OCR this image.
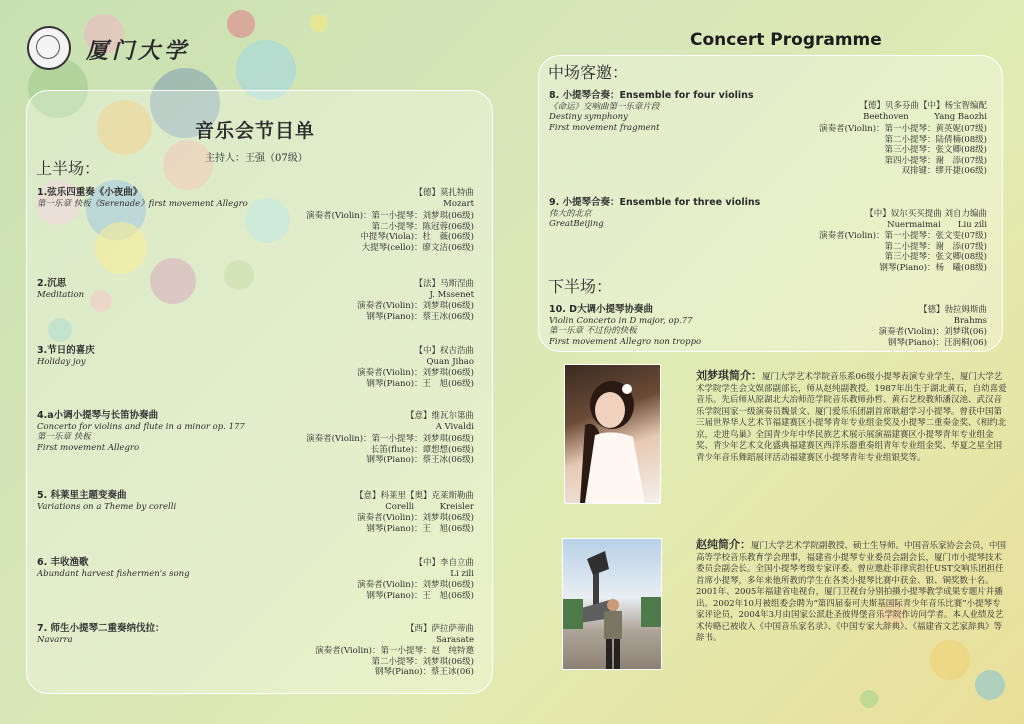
厦门大学	Concert Programme
音乐会节目单
主持人：王强（07级）
上半场：
1.弦乐四重奏《小夜曲》
第一乐章 快板《Serenade》first movement Allegro
【德】莫扎特曲
Mozart
演奏者(Violin)：第一小提琴：刘梦琪(06级)
第二小提琴：陈冠蓉(06级)
中提琴(Viola)：杜　薇(06级)
大提琴(cello)：廖文洁(06级)
2.沉思
Meditation
【法】马斯涅曲
J. Mssenet
演奏者(Violin)：刘梦琪(06级)
钢琴(Piano)：蔡王冰(06级)
3.节日的喜庆
Holiday joy
【中】权吉浩曲
Quan Jihao
演奏者(Violin)：刘梦琪(06级)
钢琴(Piano)：王　旭(06级)
4.a小调小提琴与长笛协奏曲
Concerto for violins and flute in a minor op. 177
第一乐章 快板
First movement Allegro
【意】维瓦尔第曲
A Vivaldi
演奏者(Violin)：第一小提琴：刘梦琪(06级)
长笛(flute)：谭想想(06级)
钢琴(Piano)：蔡王冰(06级)
5. 科莱里主题变奏曲
Variations on a Theme by corelli
【意】科莱里【奥】克莱斯勒曲
Corelli　　　Kreisler
演奏者(Violin)：刘梦琪(06级)
钢琴(Piano)：王　旭(06级)
6. 丰收渔歌
Abundant harvest fishermen's song
【中】李自立曲
Li zili
演奏者(Violin)：刘梦琪(06级)
钢琴(Piano)：王　旭(06级)
7. 师生小提琴二重奏纳伐拉：
Navarra
【西】萨拉萨蒂曲
Sarasate
演奏者(Violin)：第一小提琴：赵　纯特邀
第二小提琴：刘梦琪(06级)
钢琴(Piano)：蔡王冰(06)
中场客邀：
8. 小提琴合奏：Ensemble for four violins
《命运》交响曲第一乐章片段
Destiny symphony
First movement fragment
【德】贝多芬曲【中】杨宝智编配
Beethoven　　　Yang Baozhi
演奏者(Violin)：第一小提琴：黄英妮(07级)
第二小提琴：陆倩楠(08级)
第三小提琴：张文卿(08级)
第四小提琴：谢　添(07级)
双排键：缪开捷(06级)
9. 小提琴合奏：Ensemble for three violins
伟大的北京
GreatBeijing
【中】奴尔买买提曲 刘自力编曲
Nuermaimai　　Liu zili
演奏者(Violin)：第一小提琴：张文雯(07级)
第二小提琴：谢　添(07级)
第三小提琴：张文卿(08级)
钢琴(Piano)：杨　曦(08级)
下半场：
10. D大调小提琴协奏曲
Violin Concerto in D major, op.77
第一乐章 不过份的快板
First movement Allegro non troppo
【德】勃拉姆斯曲
Brahms
演奏者(Violin)：刘梦琪(06)
钢琴(Piano)：汪润桐(06)
刘梦琪简介：厦门大学艺术学院音乐系06级小提琴表演专业学生，厦门大学艺术学院学生会文娱部副部长，师从赵纯副教授。1987年出生于湖北黄石，自幼喜爱音乐。先后师从原湖北大冶师范学院音乐教师孙哲、黄石艺校教师潘汉池、武汉音乐学院国家一级演奏员魏景文、厦门爱乐乐团副首席耿超学习小提琴。曾获中国第三届世界华人艺术节福建赛区小提琴青年专业组金奖及小提琴二重奏金奖、《相约北京，走进鸟巢》全国青少年中华民族艺术展示展演福建赛区小提琴青年专业组金奖、青少年艺术文化盛典福建赛区西洋乐器重奏组青年专业组金奖、华夏之星全国青少年音乐舞蹈展评活动福建赛区小提琴青年专业组银奖等。
赵纯简介：厦门大学艺术学院副教授、硕士生导师。中国音乐家协会会员，中国高等学校音乐教育学会理事，福建省小提琴专业委员会副会长，厦门市小提琴技术委员会副会长。全国小提琴考级专家评委。曾应邀赴菲律宾担任UST交响乐团担任首席小提琴，多年来他所教的学生在各类小提琴比赛中获金、银、铜奖数十名。2001年、2005年福建省电视台，厦门卫视台分别拍摄小提琴教学成果专题片并播出。2002年10月被组委会聘为“第四届泰可夫斯基国际青少年音乐比赛”小提琴专家评论员，2004年3月由国家公派赴圣彼得堡音乐学院作访问学者。本人业绩及艺术传略已被收入《中国音乐家名录》、《中国专家大辞典》、《福建省文艺家辞典》等辞书。
